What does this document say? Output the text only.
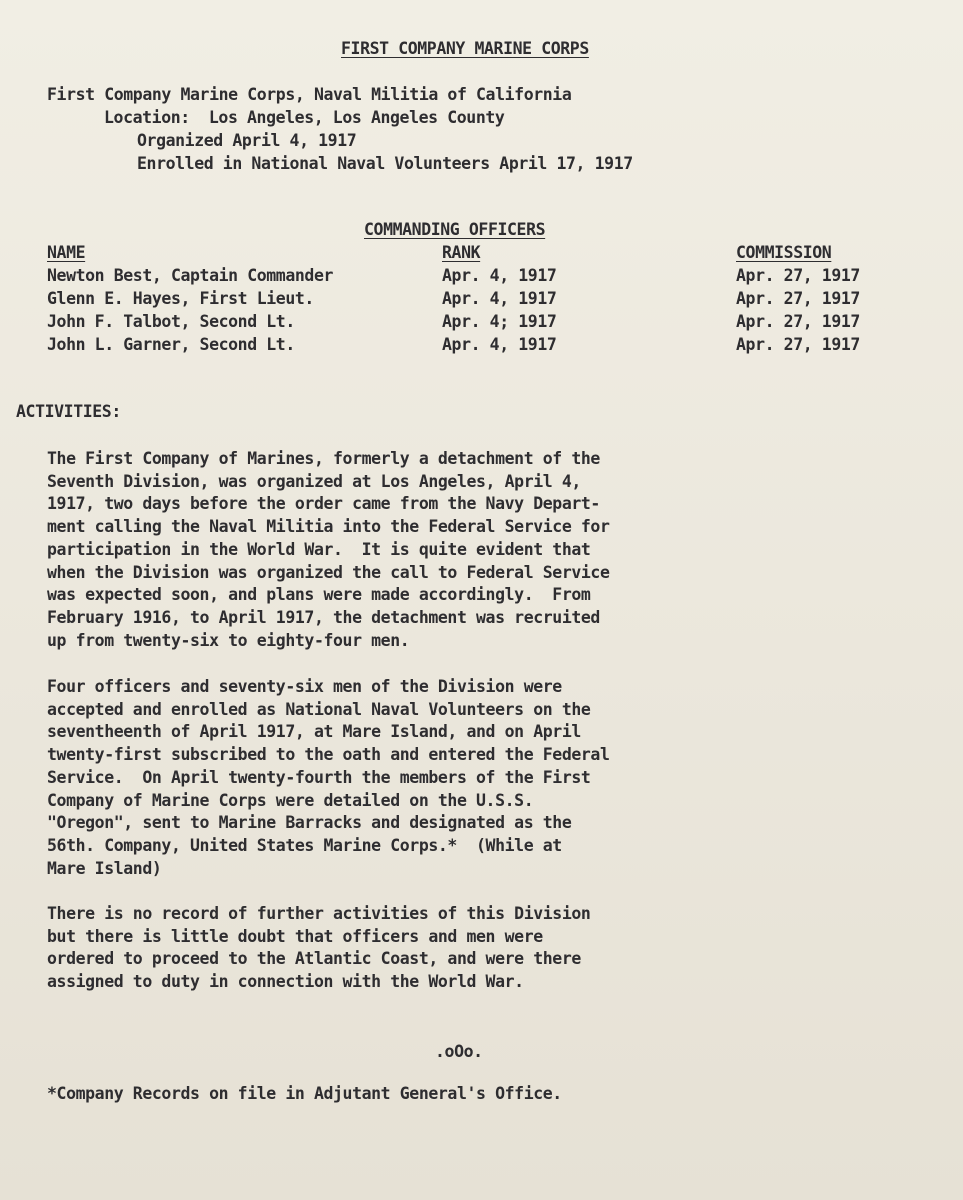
FIRST COMPANY MARINE CORPS
First Company Marine Corps, Naval Militia of California
Location:  Los Angeles, Los Angeles County
Organized April 4, 1917
Enrolled in National Naval Volunteers April 17, 1917
COMMANDING OFFICERS
NAME	RANK	COMMISSION
Newton Best, Captain Commander	Apr. 4, 1917	Apr. 27, 1917
Glenn E. Hayes, First Lieut.	Apr. 4, 1917	Apr. 27, 1917
John F. Talbot, Second Lt.	Apr. 4; 1917	Apr. 27, 1917
John L. Garner, Second Lt.	Apr. 4, 1917	Apr. 27, 1917
ACTIVITIES:
The First Company of Marines, formerly a detachment of the
Seventh Division, was organized at Los Angeles, April 4,
1917, two days before the order came from the Navy Depart-
ment calling the Naval Militia into the Federal Service for
participation in the World War.  It is quite evident that
when the Division was organized the call to Federal Service
was expected soon, and plans were made accordingly.  From
February 1916, to April 1917, the detachment was recruited
up from twenty-six to eighty-four men.
Four officers and seventy-six men of the Division were
accepted and enrolled as National Naval Volunteers on the
seventheenth of April 1917, at Mare Island, and on April
twenty-first subscribed to the oath and entered the Federal
Service.  On April twenty-fourth the members of the First
Company of Marine Corps were detailed on the U.S.S.
"Oregon", sent to Marine Barracks and designated as the
56th. Company, United States Marine Corps.*  (While at
Mare Island)
There is no record of further activities of this Division
but there is little doubt that officers and men were
ordered to proceed to the Atlantic Coast, and were there
assigned to duty in connection with the World War.
.oOo.
*Company Records on file in Adjutant General's Office.
